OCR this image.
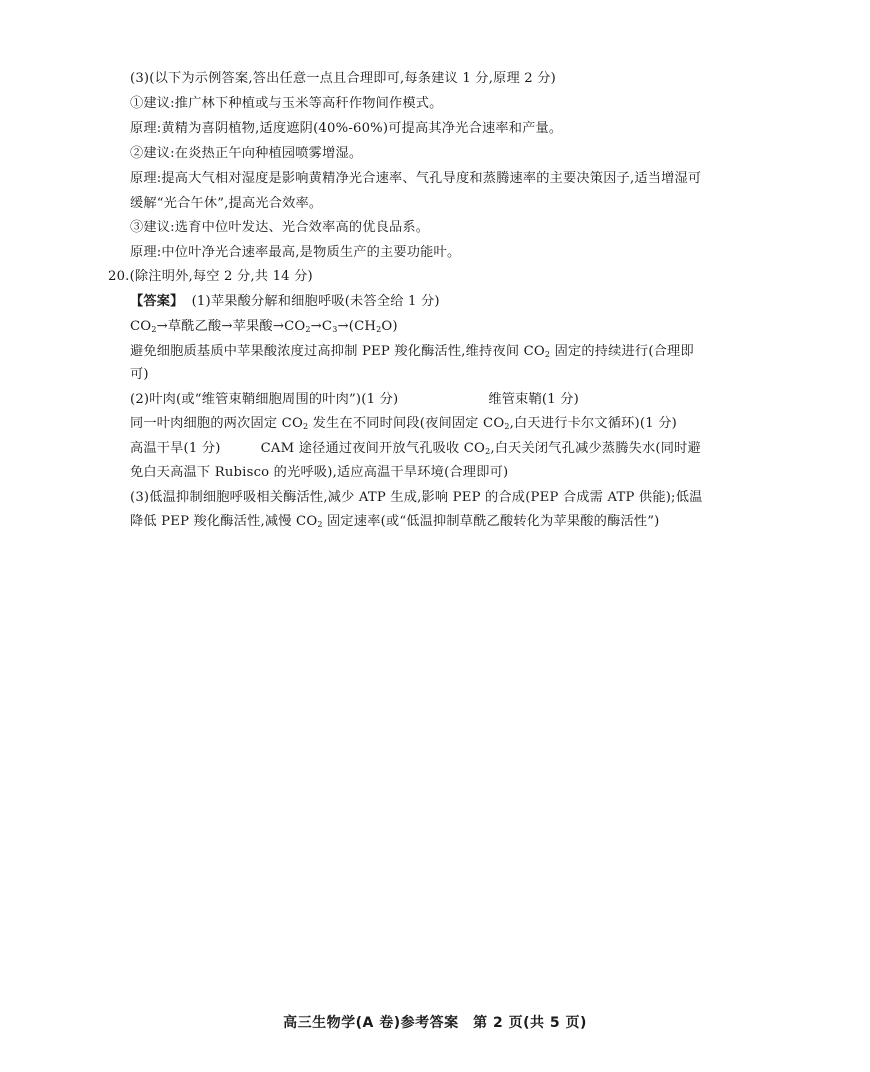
(3)(以下为示例答案,答出任意一点且合理即可,每条建议 1 分,原理 2 分)
①建议:推广林下种植或与玉米等高秆作物间作模式。
原理:黄精为喜阴植物,适度遮阴(40%-60%)可提高其净光合速率和产量。
②建议:在炎热正午向种植园喷雾增湿。
原理:提高大气相对湿度是影响黄精净光合速率、气孔导度和蒸腾速率的主要决策因子,适当增湿可
缓解“光合午休”,提高光合效率。
③建议:选育中位叶发达、光合效率高的优良品系。
原理:中位叶净光合速率最高,是物质生产的主要功能叶。
20.(除注明外,每空 2 分,共 14 分)
【答案】 (1)苹果酸分解和细胞呼吸(未答全给 1 分)
$CO_2\to$草酰乙酸→苹果酸$\to CO_2\to C_3\to(CH_2O)$
避免细胞质基质中苹果酸浓度过高抑制 PEP 羧化酶活性,维持夜间 $CO_2$ 固定的持续进行(合理即
可)
(2)叶肉(或“维管束鞘细胞周围的叶肉”)(1 分)	维管束鞘(1 分)
同一叶肉细胞的两次固定 $CO_2$ 发生在不同时间段(夜间固定 $CO_2$,白天进行卡尔文循环)(1 分)
高温干旱(1 分)	CAM 途径通过夜间开放气孔吸收 $CO_2$,白天关闭气孔减少蒸腾失水(同时避
免白天高温下 Rubisco 的光呼吸),适应高温干旱环境(合理即可)
(3)低温抑制细胞呼吸相关酶活性,减少 ATP 生成,影响 PEP 的合成(PEP 合成需 ATP 供能);低温
降低 PEP 羧化酶活性,减慢 $CO_2$ 固定速率(或“低温抑制草酰乙酸转化为苹果酸的酶活性”)
高三生物学(A 卷)参考答案　第 2 页(共 5 页)
